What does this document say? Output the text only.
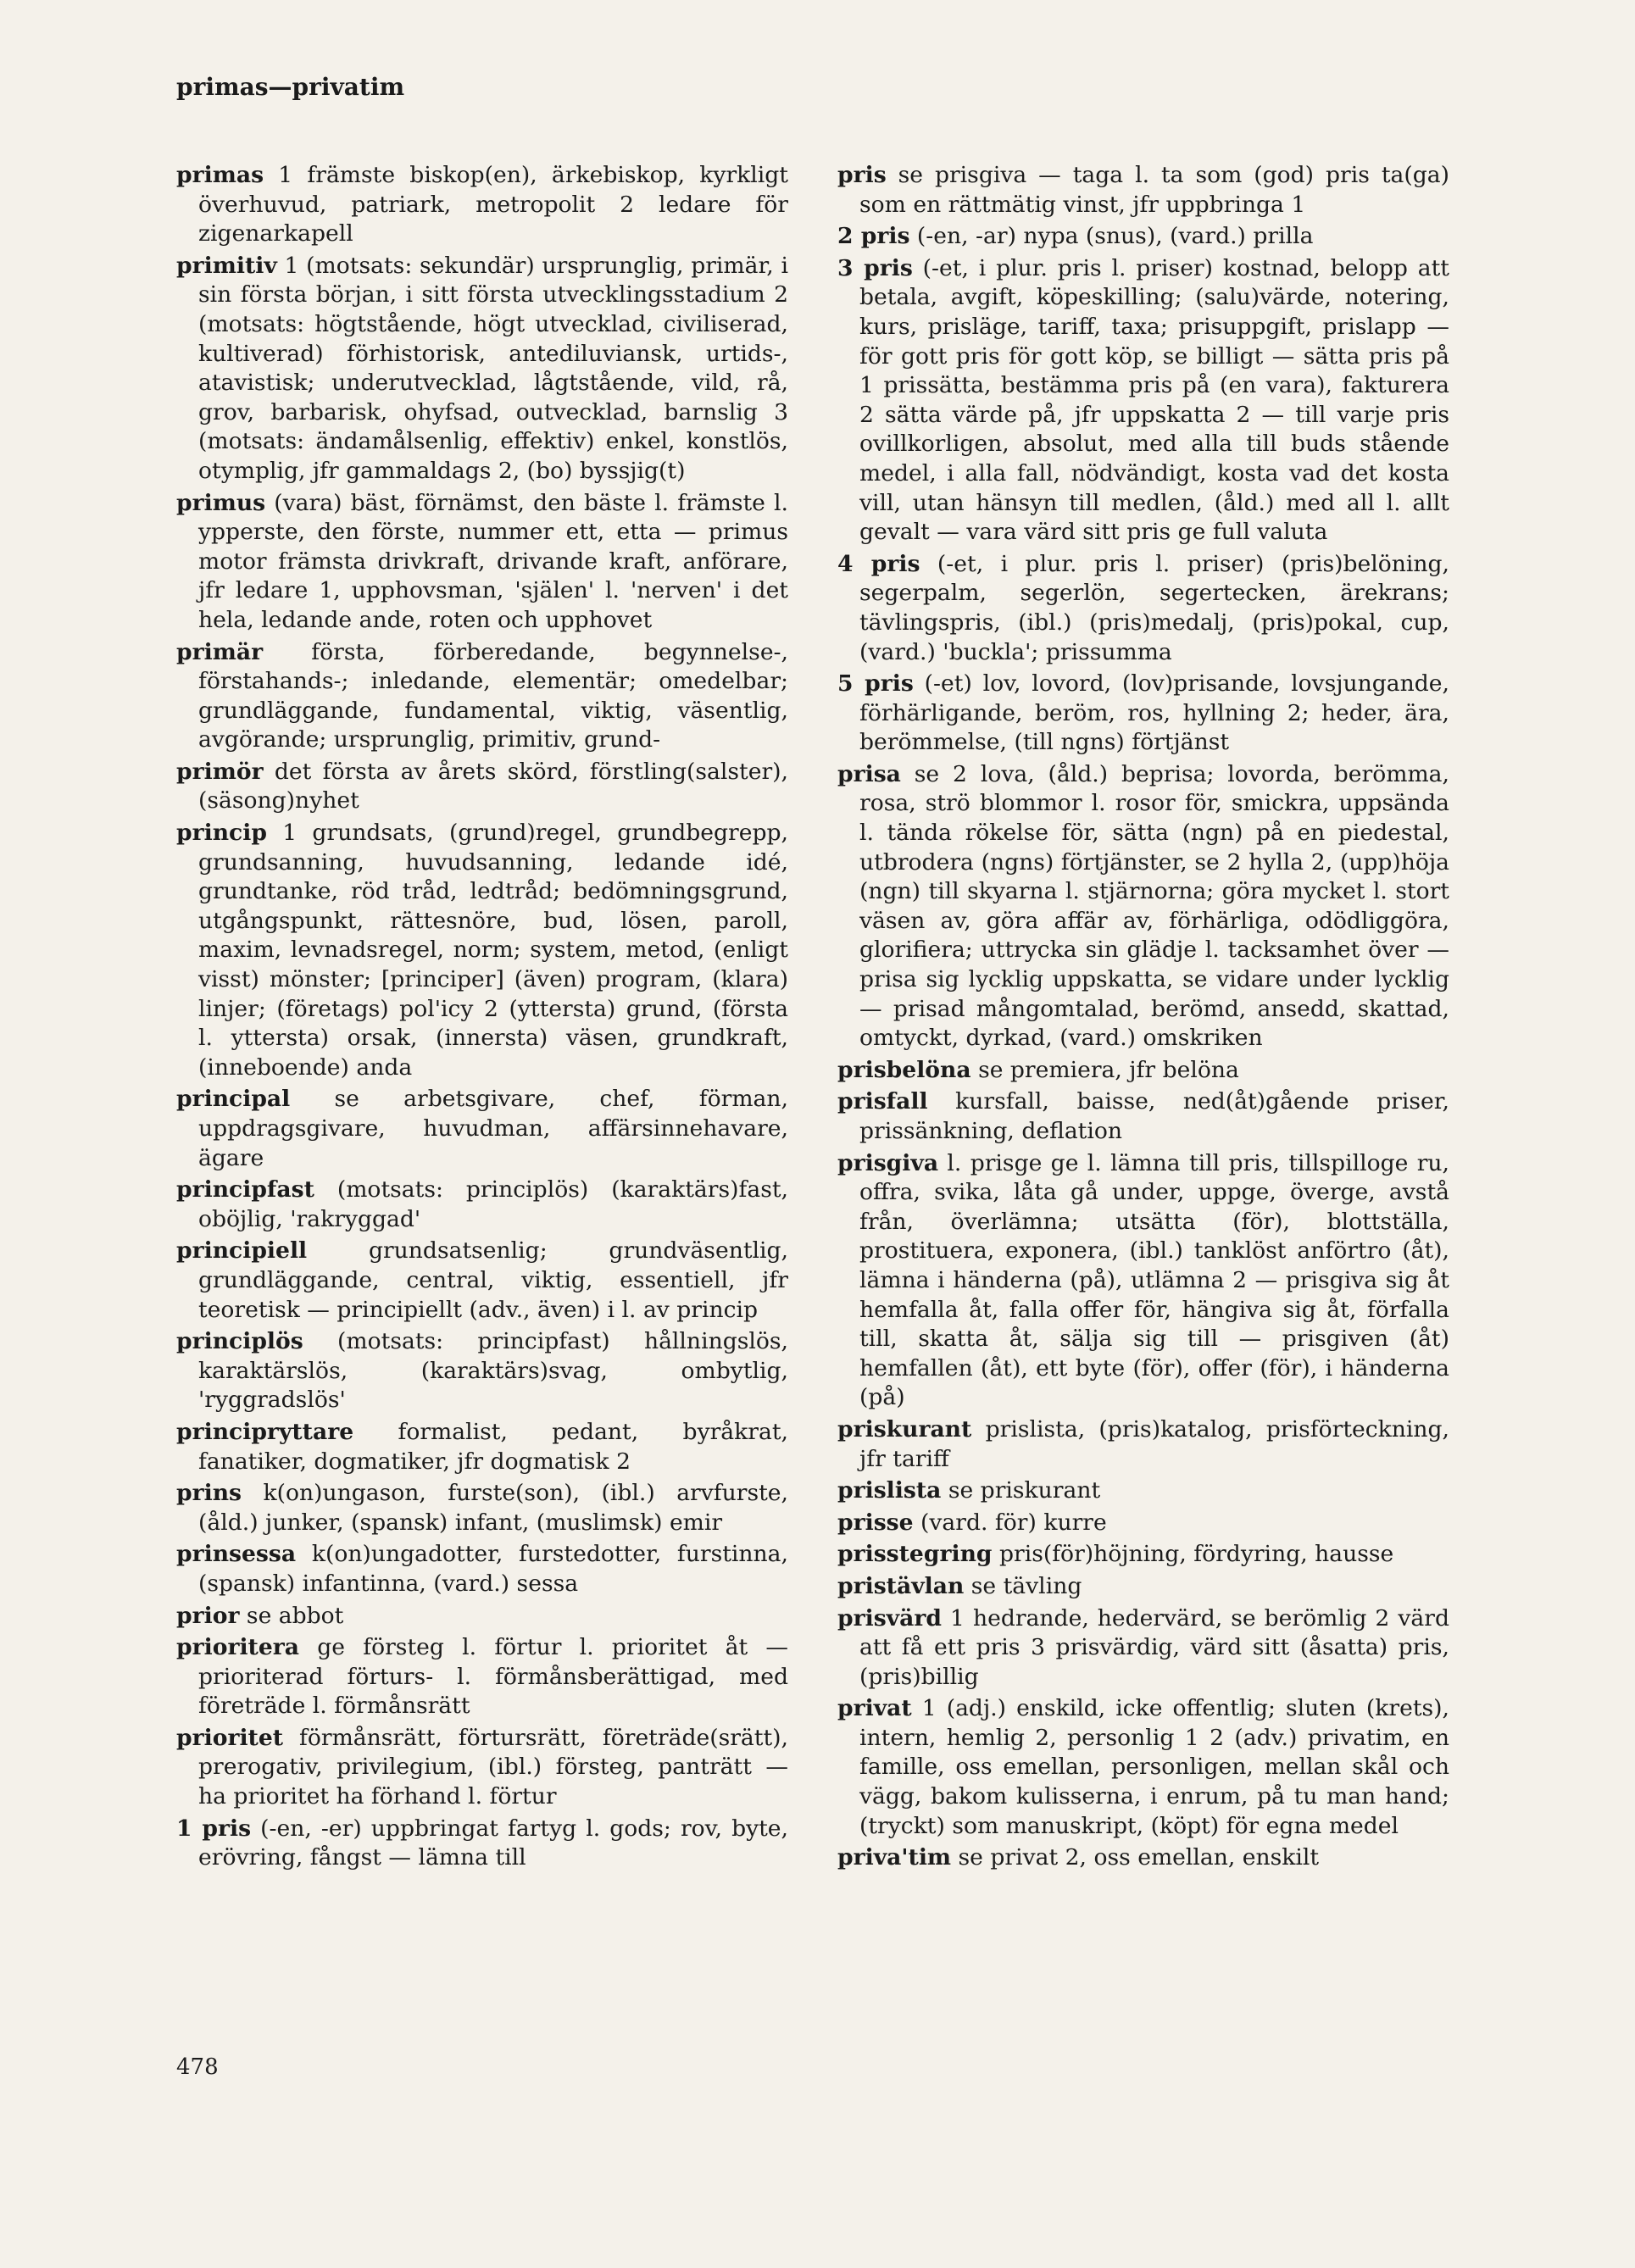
primas—privatim

primas 1 främste biskop(en), ärkebiskop, kyrkligt överhuvud, patriark, metropolit 2 ledare för zigenarkapell

primitiv 1 (motsats: sekundär) ursprunglig, primär, i sin första början, i sitt första utvecklingsstadium 2 (motsats: högtstående, högt utvecklad, civiliserad, kultiverad) förhistorisk, antediluviansk, urtids-, atavistisk; underutvecklad, lågtstående, vild, rå, grov, barbarisk, ohyfsad, outvecklad, barnslig 3 (motsats: ändamålsenlig, effektiv) enkel, konstlös, otymplig, jfr gammaldags 2, (bo) byssjig(t)

primus (vara) bäst, förnämst, den bäste l. främste l. ypperste, den förste, nummer ett, etta — primus motor främsta drivkraft, drivande kraft, anförare, jfr ledare 1, upphovsman, 'själen' l. 'nerven' i det hela, ledande ande, roten och upphovet

primär första, förberedande, begynnelse-, förstahands-; inledande, elementär; omedelbar; grundläggande, fundamental, viktig, väsentlig, avgörande; ursprunglig, primitiv, grund-

primör det första av årets skörd, förstling(salster), (säsong)nyhet

princip 1 grundsats, (grund)regel, grundbegrepp, grundsanning, huvudsanning, ledande idé, grundtanke, röd tråd, ledtråd; bedömningsgrund, utgångspunkt, rättesnöre, bud, lösen, paroll, maxim, levnadsregel, norm; system, metod, (enligt visst) mönster; [principer] (även) program, (klara) linjer; (företags) pol'icy 2 (yttersta) grund, (första l. yttersta) orsak, (innersta) väsen, grundkraft, (inneboende) anda

principal se arbetsgivare, chef, förman, uppdragsgivare, huvudman, affärsinnehavare, ägare

principfast (motsats: principlös) (karaktärs)fast, oböjlig, 'rakryggad'

principiell grundsatsenlig; grundväsentlig, grundläggande, central, viktig, essentiell, jfr teoretisk — principiellt (adv., även) i l. av princip

principlös (motsats: principfast) hållningslös, karaktärslös, (karaktärs)svag, ombytlig, 'ryggradslös'

principryttare formalist, pedant, byråkrat, fanatiker, dogmatiker, jfr dogmatisk 2

prins k(on)ungason, furste(son), (ibl.) arvfurste, (åld.) junker, (spansk) infant, (muslimsk) emir

prinsessa k(on)ungadotter, furstedotter, furstinna, (spansk) infantinna, (vard.) sessa

prior se abbot

prioritera ge försteg l. förtur l. prioritet åt — prioriterad förturs- l. förmånsberättigad, med företräde l. förmånsrätt

prioritet förmånsrätt, förtursrätt, företräde(srätt), prerogativ, privilegium, (ibl.) försteg, panträtt — ha prioritet ha förhand l. förtur

1 pris (-en, -er) uppbringat fartyg l. gods; rov, byte, erövring, fångst — lämna till

pris se prisgiva — taga l. ta som (god) pris ta(ga) som en rättmätig vinst, jfr uppbringa 1

2 pris (-en, -ar) nypa (snus), (vard.) prilla

3 pris (-et, i plur. pris l. priser) kostnad, belopp att betala, avgift, köpeskilling; (salu)värde, notering, kurs, prisläge, tariff, taxa; prisuppgift, prislapp — för gott pris för gott köp, se billigt — sätta pris på 1 prissätta, bestämma pris på (en vara), fakturera 2 sätta värde på, jfr uppskatta 2 — till varje pris ovillkorligen, absolut, med alla till buds stående medel, i alla fall, nödvändigt, kosta vad det kosta vill, utan hänsyn till medlen, (åld.) med all l. allt gevalt — vara värd sitt pris ge full valuta

4 pris (-et, i plur. pris l. priser) (pris)belöning, segerpalm, segerlön, segertecken, ärekrans; tävlingspris, (ibl.) (pris)medalj, (pris)pokal, cup, (vard.) 'buckla'; prissumma

5 pris (-et) lov, lovord, (lov)prisande, lovsjungande, förhärligande, beröm, ros, hyllning 2; heder, ära, berömmelse, (till ngns) förtjänst

prisa se 2 lova, (åld.) beprisa; lovorda, berömma, rosa, strö blommor l. rosor för, smickra, uppsända l. tända rökelse för, sätta (ngn) på en piedestal, utbrodera (ngns) förtjänster, se 2 hylla 2, (upp)höja (ngn) till skyarna l. stjärnorna; göra mycket l. stort väsen av, göra affär av, förhärliga, odödliggöra, glorifiera; uttrycka sin glädje l. tacksamhet över — prisa sig lycklig uppskatta, se vidare under lycklig — prisad mångomtalad, berömd, ansedd, skattad, omtyckt, dyrkad, (vard.) omskriken

prisbelöna se premiera, jfr belöna

prisfall kursfall, baisse, ned(åt)gående priser, prissänkning, deflation

prisgiva l. prisge ge l. lämna till pris, tillspilloge ru, offra, svika, låta gå under, uppge, överge, avstå från, överlämna; utsätta (för), blottställa, prostituera, exponera, (ibl.) tanklöst anförtro (åt), lämna i händerna (på), utlämna 2 — prisgiva sig åt hemfalla åt, falla offer för, hängiva sig åt, förfalla till, skatta åt, sälja sig till — prisgiven (åt) hemfallen (åt), ett byte (för), offer (för), i händerna (på)

priskurant prislista, (pris)katalog, prisförteckning, jfr tariff

prislista se priskurant

prisse (vard. för) kurre

prisstegring pris(för)höjning, fördyring, hausse

pristävlan se tävling

prisvärd 1 hedrande, hedervärd, se berömlig 2 värd att få ett pris 3 prisvärdig, värd sitt (åsatta) pris, (pris)billig

privat 1 (adj.) enskild, icke offentlig; sluten (krets), intern, hemlig 2, personlig 1 2 (adv.) privatim, en famille, oss emellan, personligen, mellan skål och vägg, bakom kulisserna, i enrum, på tu man hand; (tryckt) som manuskript, (köpt) för egna medel

priva'tim se privat 2, oss emellan, enskilt

478
